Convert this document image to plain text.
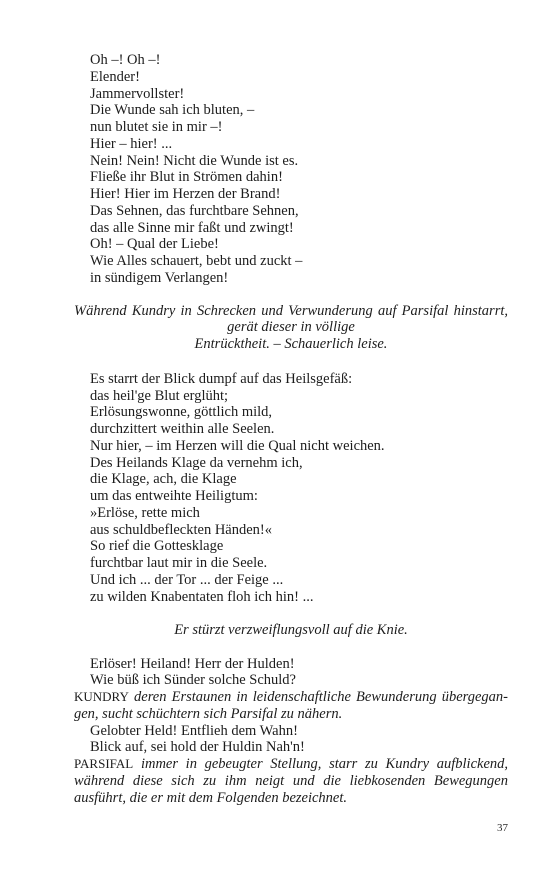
Oh –! Oh –!
Elender!
Jammervollster!
Die Wunde sah ich bluten, –
nun blutet sie in mir –!
Hier – hier! ...
Nein! Nein! Nicht die Wunde ist es.
Fließe ihr Blut in Strömen dahin!
Hier! Hier im Herzen der Brand!
Das Sehnen, das furchtbare Sehnen,
das alle Sinne mir faßt und zwingt!
Oh! – Qual der Liebe!
Wie Alles schauert, bebt und zuckt –
in sündigem Verlangen!
Während Kundry in Schrecken und Verwunderung auf Parsifal hinstarrt,
gerät dieser in völlige
Entrücktheit. – Schauerlich leise.
Es starrt der Blick dumpf auf das Heilsgefäß:
das heil'ge Blut erglüht;
Erlösungswonne, göttlich mild,
durchzittert weithin alle Seelen.
Nur hier, – im Herzen will die Qual nicht weichen.
Des Heilands Klage da vernehm ich,
die Klage, ach, die Klage
um das entweihte Heiligtum:
»Erlöse, rette mich
aus schuldbefleckten Händen!«
So rief die Gottesklage
furchtbar laut mir in die Seele.
Und ich ... der Tor ... der Feige ...
zu wilden Knabentaten floh ich hin! ...
Er stürzt verzweiflungsvoll auf die Knie.
Erlöser! Heiland! Herr der Hulden!
Wie büß ich Sünder solche Schuld?
KUNDRY deren Erstaunen in leidenschaftliche Bewunderung übergegan-
gen, sucht schüchtern sich Parsifal zu nähern.
Gelobter Held! Entflieh dem Wahn!
Blick auf, sei hold der Huldin Nah'n!
PARSIFAL immer in gebeugter Stellung, starr zu Kundry aufblickend,
während diese sich zu ihm neigt und die liebkosenden Bewegungen
ausführt, die er mit dem Folgenden bezeichnet.
37
